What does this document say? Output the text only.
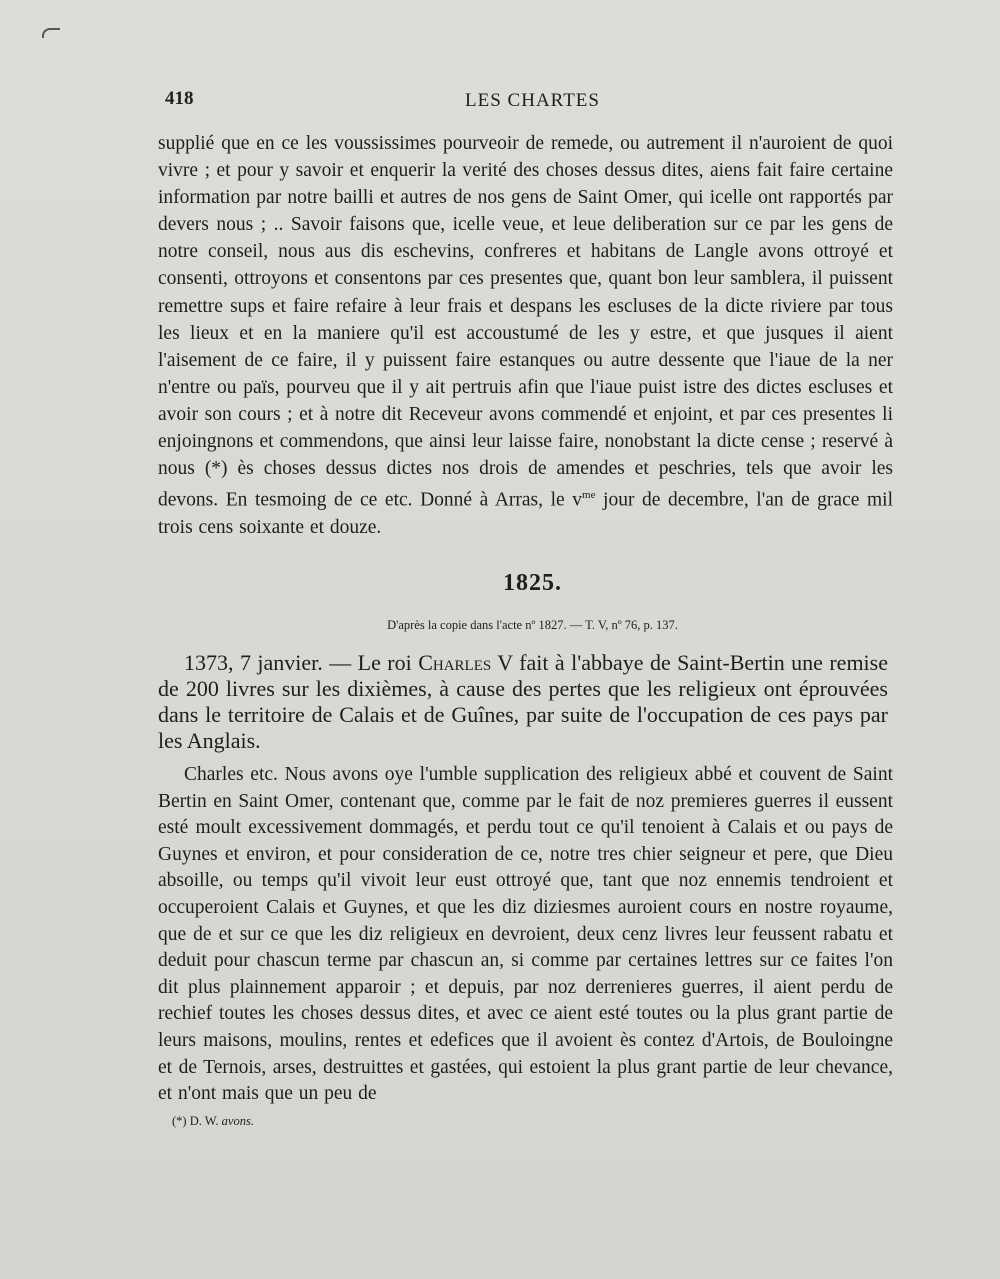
418	LES CHARTES
supplié que en ce les voussissimes pourveoir de remede, ou autrement il n'auroient de quoi vivre ; et pour y savoir et enquerir la verité des choses dessus dites, aiens fait faire certaine information par notre bailli et autres de nos gens de Saint Omer, qui icelle ont rapportés par devers nous ; .. Savoir faisons que, icelle veue, et leue deliberation sur ce par les gens de notre conseil, nous aus dis eschevins, confreres et habitans de Langle avons ottroyé et consenti, ottroyons et consentons par ces presentes que, quant bon leur samblera, il puissent remettre sups et faire refaire à leur frais et despans les escluses de la dicte riviere par tous les lieux et en la maniere qu'il est accoustumé de les y estre, et que jusques il aient l'aisement de ce faire, il y puissent faire estanques ou autre dessente que l'iaue de la ner n'entre ou païs, pourveu que il y ait pertruis afin que l'iaue puist istre des dictes escluses et avoir son cours ; et à notre dit Receveur avons commendé et enjoint, et par ces presentes li enjoingnons et commendons, que ainsi leur laisse faire, nonobstant la dicte cense ; reservé à nous (*) ès choses dessus dictes nos drois de amendes et peschries, tels que avoir les devons. En tesmoing de ce etc. Donné à Arras, le $v^{me}$ jour de decembre, l'an de grace mil trois cens soixante et douze.
1825.
D'après la copie dans l'acte nº 1827. — T. V, nº 76, p. 137.
1373, 7 janvier. — Le roi Charles V fait à l'abbaye de Saint-Bertin une remise de 200 livres sur les dixièmes, à cause des pertes que les religieux ont éprouvées dans le territoire de Calais et de Guînes, par suite de l'occupation de ces pays par les Anglais.
Charles etc. Nous avons oye l'umble supplication des religieux abbé et couvent de Saint Bertin en Saint Omer, contenant que, comme par le fait de noz premieres guerres il eussent esté moult excessivement dommagés, et perdu tout ce qu'il tenoient à Calais et ou pays de Guynes et environ, et pour consideration de ce, notre tres chier seigneur et pere, que Dieu absoille, ou temps qu'il vivoit leur eust ottroyé que, tant que noz ennemis tendroient et occuperoient Calais et Guynes, et que les diz diziesmes auroient cours en nostre royaume, que de et sur ce que les diz religieux en devroient, deux cenz livres leur feussent rabatu et deduit pour chascun terme par chascun an, si comme par certaines lettres sur ce faites l'on dit plus plainnement apparoir ; et depuis, par noz derrenieres guerres, il aient perdu de rechief toutes les choses dessus dites, et avec ce aient esté toutes ou la plus grant partie de leurs maisons, moulins, rentes et edefices que il avoient ès contez d'Artois, de Bouloingne et de Ternois, arses, destruittes et gastées, qui estoient la plus grant partie de leur chevance, et n'ont mais que un peu de
(*) D. W. avons.
